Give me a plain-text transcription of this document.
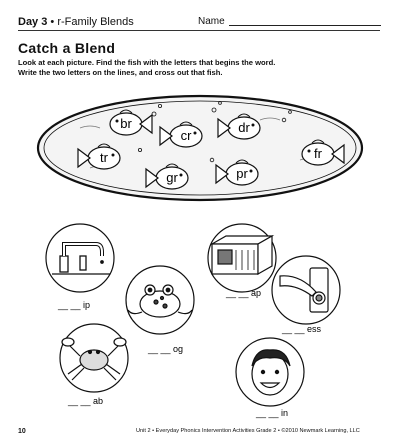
Day 3 • r-Family Blends	Name
Catch a Blend
Look at each picture. Find the fish with the letters that begins the word.
Write the two letters on the lines, and cross out that fish.
br
cr
dr
tr	fr
gr	pr
__ __ ip
__ __ ap
__ __ og
__ __ ess
__ __ ab
__ __ in
10	Unit 2 • Everyday Phonics Intervention Activities Grade 2 • ©2010 Newmark Learning, LLC
